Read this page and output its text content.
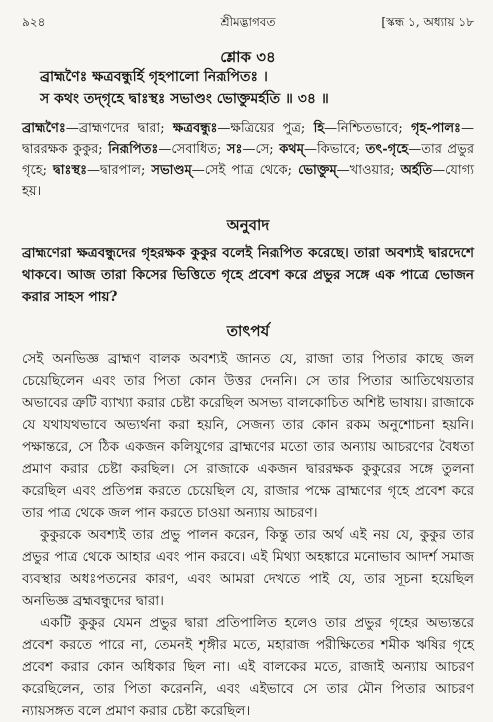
৯২৪	শ্রীমদ্ভাগবত	[স্কন্ধ ১, অধ্যায় ১৮
শ্লোক ৩৪
ব্রাহ্মণৈঃ ক্ষত্রবন্ধুর্হি গৃহপালো নিরূপিতঃ ।
স কথং তদ্‌গৃহে দ্বাঃস্থঃ সভাণ্ডং ভোক্তুমর্হতি ॥ ৩৪ ॥
ব্রাহ্মণৈঃ—ব্রাহ্মণদের দ্বারা; ক্ষত্রবন্ধুঃ—ক্ষত্রিয়ের পুত্র; হি—নিশ্চিতভাবে; গৃহ-পালঃ—দ্বাররক্ষক কুকুর; নিরূপিতঃ—সেবাধিত; সঃ—সে; কথম্—কিভাবে; তৎ-গৃহে—তার প্রভুর গৃহে; দ্বাঃস্থঃ—দ্বারপাল; সভাণ্ডম্—সেই পাত্র থেকে; ভোক্তুম্—খাওয়ার; অর্হতি—যোগ্য হয়।
অনুবাদ
ব্রাহ্মণেরা ক্ষত্রবন্ধুদের গৃহরক্ষক কুকুর বলেই নিরূপিত করেছে। তারা অবশ্যই দ্বারদেশে থাকবে। আজ তারা কিসের ভিত্তিতে গৃহে প্রবেশ করে প্রভুর সঙ্গে এক পাত্রে ভোজন করার সাহস পায়?
তাৎপর্য

সেই অনভিজ্ঞ ব্রাহ্মণ বালক অবশ্যই জানত যে, রাজা তার পিতার কাছে জল চেয়েছিলেন এবং তার পিতা কোন উত্তর দেননি। সে তার পিতার আতিথেয়তার অভাবের ত্রুটি ব্যাখ্যা করার চেষ্টা করেছিল অসভ্য বালকোচিত অশিষ্ট ভাষায়। রাজাকে যে যথাযথভাবে অভ্যর্থনা করা হয়নি, সেজন্য তার কোন রকম অনুশোচনা হয়নি। পক্ষান্তরে, সে ঠিক একজন কলিযুগের ব্রাহ্মণের মতো তার অন্যায় আচরণের বৈধতা প্রমাণ করার চেষ্টা করছিল। সে রাজাকে একজন দ্বাররক্ষক কুকুরের সঙ্গে তুলনা করেছিল এবং প্রতিপন্ন করতে চেয়েছিল যে, রাজার পক্ষে ব্রাহ্মণের গৃহে প্রবেশ করে তার পাত্র থেকে জল পান করতে চাওয়া অন্যায় আচরণ।

কুকুরকে অবশ্যই তার প্রভু পালন করেন, কিন্তু তার অর্থ এই নয় যে, কুকুর তার প্রভুর পাত্র থেকে আহার এবং পান করবে। এই মিথ্যা অহঙ্কারে মনোভাব আদর্শ সমাজ ব্যবস্থার অধঃপতনের কারণ, এবং আমরা দেখতে পাই যে, তার সূচনা হয়েছিল অনভিজ্ঞ ব্রহ্মবন্ধুদের দ্বারা।

একটি কুকুর যেমন প্রভুর দ্বারা প্রতিপালিত হলেও তার প্রভুর গৃহের অভ্যন্তরে প্রবেশ করতে পারে না, তেমনই শৃঙ্গীর মতে, মহারাজ পরীক্ষিতের শমীক ঋষির গৃহে প্রবেশ করার কোন অধিকার ছিল না। এই বালকের মতে, রাজাই অন্যায় আচরণ করেছিলেন, তার পিতা করেননি, এবং এইভাবে সে তার মৌন পিতার আচরণ ন্যায়সঙ্গত বলে প্রমাণ করার চেষ্টা করেছিল।
